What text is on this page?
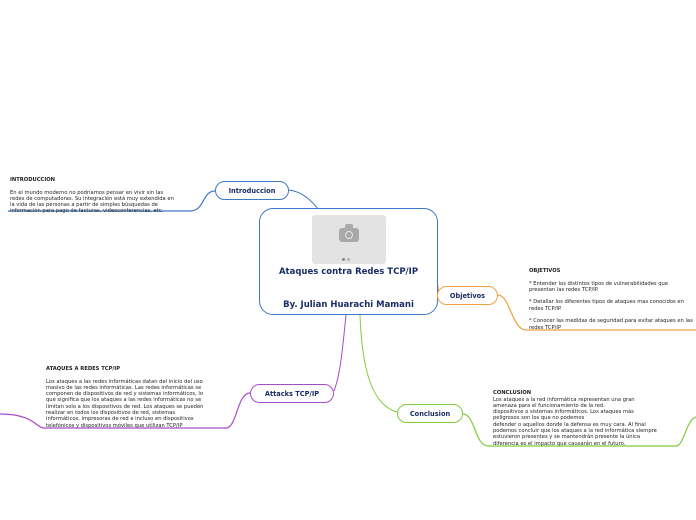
Ataques contra Redes TCP/IP
By. Julian Huarachi Mamani
Introduccion
Objetivos
Conclusion
Attacks TCP/IP

INTRODUCCION
En el mundo moderno no podríamos pensar en vivir sin las
redes de computadoras. Su integración está muy extendida en
la vida de las personas a partir de simples búsquedas de
información para pago de facturas, videoconferencias, etc.

OBJETIVOS
* Entender los distintos tipos de vulnerabilidades que
presentan las redes TCP/IP.

* Detallar los diferentes tipos de ataques mas conocidos en
redes TCP/IP.

* Conocer las medidas de seguridad para evitar ataques en las
redes TCP/IP

CONCLUSION
Los ataques a la red informática representan una gran
amenaza para el funcionamiento de la red.
dispositivos o sistemas informáticos. Los ataques más
peligrosos son los que no podemos
defender o aquellos donde la defensa es muy cara. Al final
podemos concluir que los ataques a la red informática siempre
estuvieron presentes y se mantendrán presente la única
diferencia es el impacto que causarán en el futuro.

ATAQUES A REDES TCP/IP
Los ataques a las redes informáticas datan del inicio del uso
masivo de las redes informáticas. Las redes informáticas se
componen de dispositivos de red y sistemas informáticos, lo
que significa que los ataques a las redes informáticas no se
limitan solo a los dispositivos de red. Los ataques se pueden
realizar en todos los dispositivos de red, sistemas
informáticos, impresoras de red e incluso en dispositivos
telefónicos y dispositivos móviles que utilizan TCP/IP
